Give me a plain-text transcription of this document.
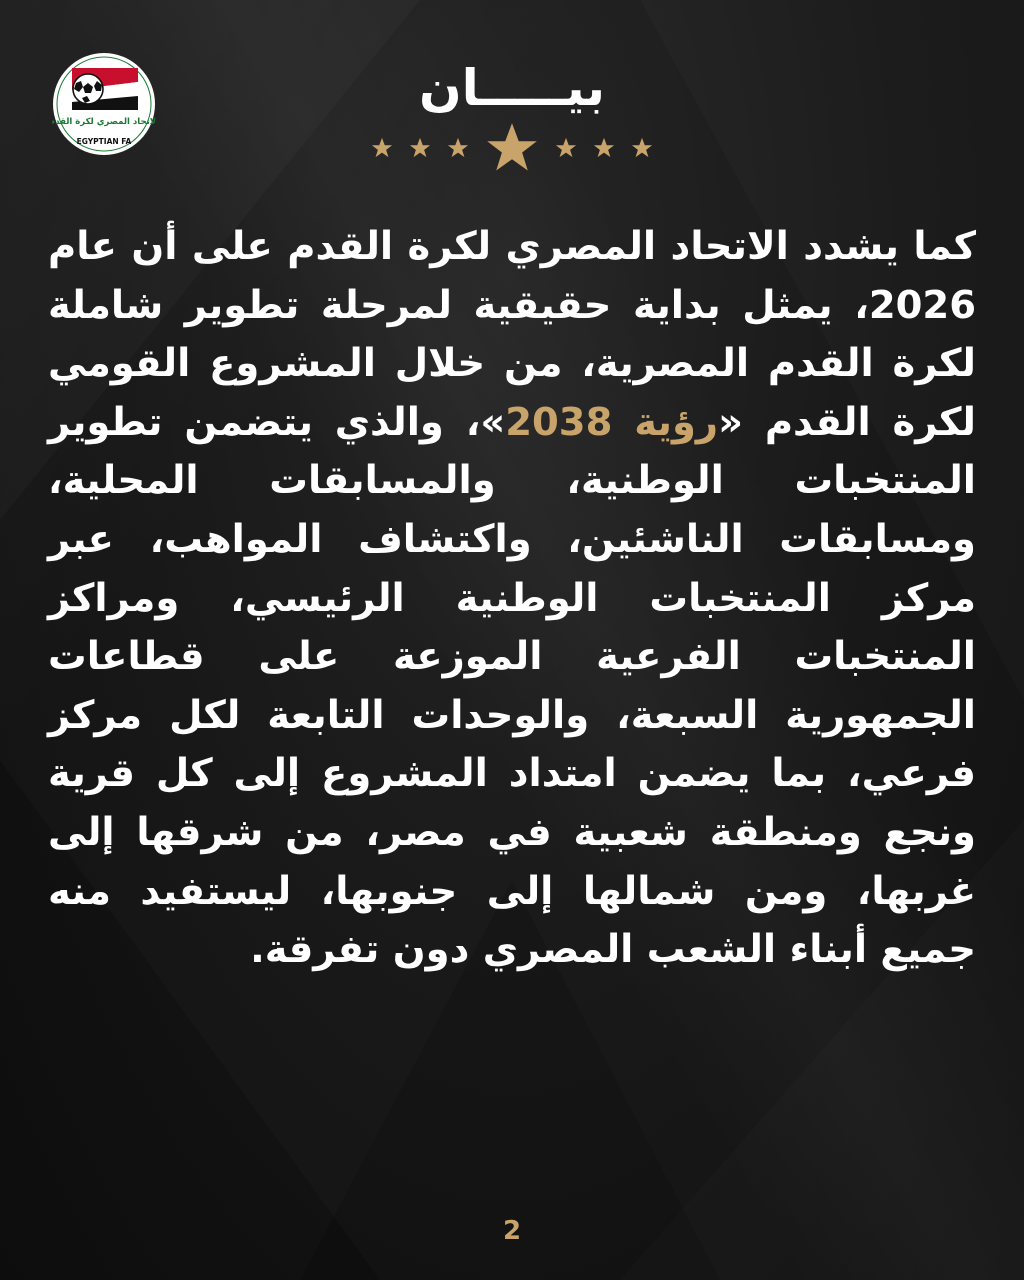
الاتحاد المصري لكرة القدم
EGYPTIAN FA
بيـــــان
كما يشدد الاتحاد المصري لكرة القدم على أن عام 2026، يمثل بداية حقيقية لمرحلة تطوير شاملة لكرة القدم المصرية، من خلال المشروع القومي لكرة القدم «رؤية 2038»، والذي يتضمن تطوير المنتخبات الوطنية، والمسابقات المحلية، ومسابقات الناشئين، واكتشاف المواهب، عبر مركز المنتخبات الوطنية الرئيسي، ومراكز المنتخبات الفرعية الموزعة على قطاعات الجمهورية السبعة، والوحدات التابعة لكل مركز فرعي، بما يضمن امتداد المشروع إلى كل قرية ونجع ومنطقة شعبية في مصر، من شرقها إلى غربها، ومن شمالها إلى جنوبها، ليستفيد منه جميع أبناء الشعب المصري دون تفرقة.
2
